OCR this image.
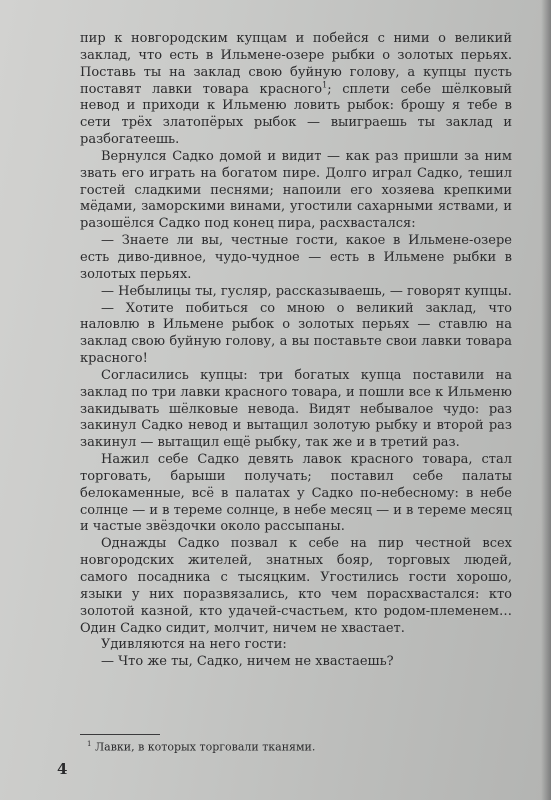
пир к новгородским купцам и побейся с ними о великий заклад, что есть в Ильмене-озере рыбки о золотых перьях. Поставь ты на заклад свою буйную голову, а купцы пусть поставят лавки товара красного$^1$; сплети себе шёлковый невод и приходи к Ильменю ловить рыбок: брошу я тебе в сети трёх златопёрых рыбок — выиграешь ты заклад и разбогатеешь.

Вернулся Садко домой и видит — как раз пришли за ним звать его играть на богатом пире. Долго играл Садко, тешил гостей сладкими песнями; напоили его хозяева крепкими мёдами, заморскими винами, угостили сахарными яствами, и разошёлся Садко под конец пира, расхвастался:

— Знаете ли вы, честные гости, какое в Ильмене-озере есть диво-дивное, чудо-чудное — есть в Ильмене рыбки в золотых перьях.

— Небылицы ты, гусляр, рассказываешь, — говорят купцы.

— Хотите побиться со мною о великий заклад, что наловлю в Ильмене рыбок о золотых перьях — ставлю на заклад свою буйную голову, а вы поставьте свои лавки товара красного!

Согласились купцы: три богатых купца поставили на заклад по три лавки красного товара, и пошли все к Ильменю закидывать шёлковые невода. Видят небывалое чудо: раз закинул Садко невод и вытащил золотую рыбку и второй раз закинул — вытащил ещё рыбку, так же и в третий раз.

Нажил себе Садко девять лавок красного товара, стал торговать, барыши получать; поставил себе палаты белокаменные, всё в палатах у Садко по-небесному: в небе солнце — и в тереме солнце, в небе месяц — и в тереме месяц и частые звёздочки около рассыпаны.

Однажды Садко позвал к себе на пир честной всех новгородских жителей, знатных бояр, торговых людей, самого посадника с тысяцким. Угостились гости хорошо, языки у них поразвязались, кто чем порасхвастался: кто золотой казной, кто удачей-счастьем, кто родом-племенем… Один Садко сидит, молчит, ничем не хвастает.

Удивляются на него гости:

— Что же ты, Садко, ничем не хвастаешь?

$^1$ Лавки, в которых торговали тканями.
4
